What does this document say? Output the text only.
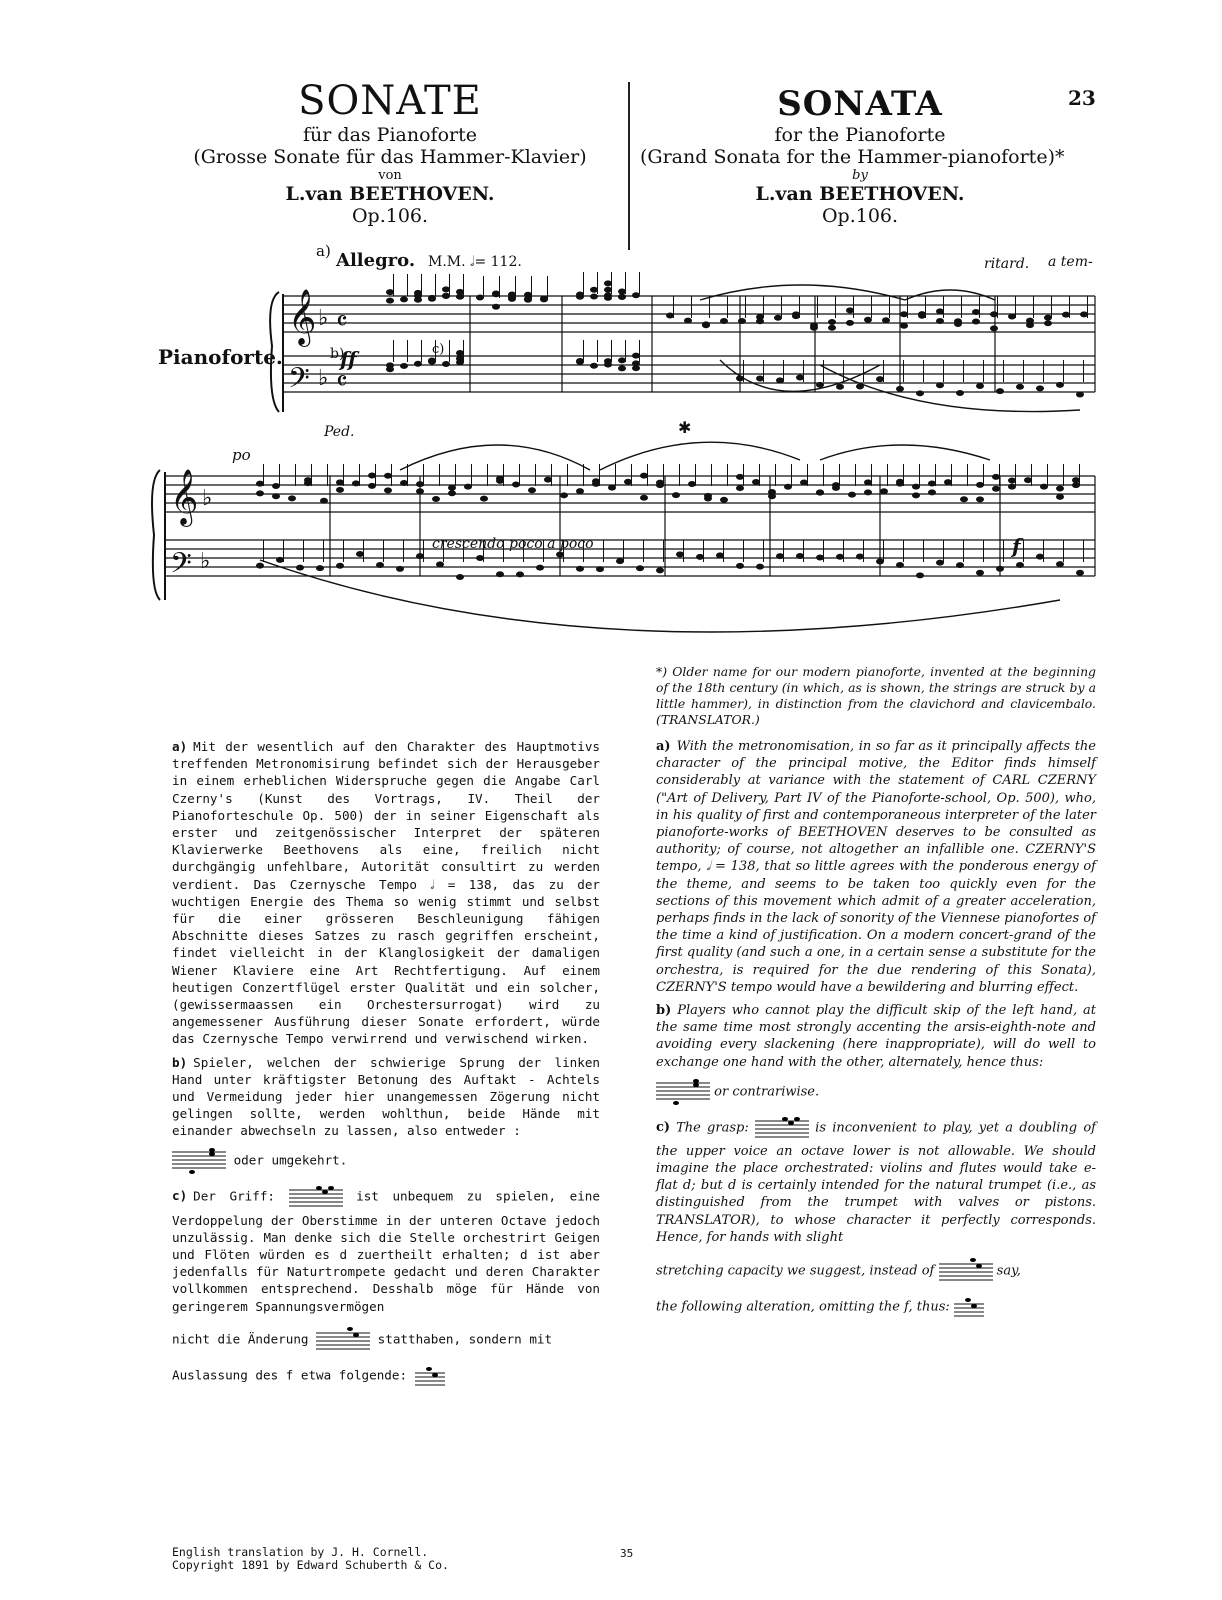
23
SONATE
für das Pianoforte
(Grosse Sonate für das Hammer-Klavier)
von
L.van BEETHOVEN.
Op.106.
SONATA
for the Pianoforte
(Grand Sonata for the Hammer-pianoforte)*
by
L.van BEETHOVEN.
Op.106.
𝄞
𝄢
𝄞
𝄢
♭
♭
♭
♭
𝄴
𝄴
Pianoforte.
a) Allegro. M.M. 𝅗𝅥= 112.	ritard. a tem-
po
crescendo poco a poco
ff
f
b)	c)
Ped.	✱
*) Older name for our modern pianoforte, invented at the beginning of the 18th century (in which, as is shown, the strings are struck by a little hammer), in distinction from the clavichord and clavicembalo. (TRANSLATOR.)

a) Mit der wesentlich auf den Charakter des Hauptmotivs treffenden Metronomisirung befindet sich der Herausgeber in einem erheblichen Widerspruche gegen die Angabe Carl Czerny's (Kunst des Vortrags, IV. Theil der Pianoforteschule Op. 500) der in seiner Eigenschaft als erster und zeitgenössischer Interpret der späteren Klavierwerke Beethovens als eine, freilich nicht durchgängig unfehlbare, Autorität consultirt zu werden verdient. Das Czernysche Tempo 𝅗𝅥 = 138, das zu der wuchtigen Energie des Thema so wenig stimmt und selbst für die einer grösseren Beschleunigung fähigen Abschnitte dieses Satzes zu rasch gegriffen erscheint, findet vielleicht in der Klanglosigkeit der damaligen Wiener Klaviere eine Art Rechtfertigung. Auf einem heutigen Conzertflügel erster Qualität und ein solcher, (gewissermaassen ein Orchestersurrogat) wird zu angemessener Ausführung dieser Sonate erfordert, würde das Czernysche Tempo verwirrend und verwischend wirken.

b) Spieler, welchen der schwierige Sprung der linken Hand unter kräftigster Betonung des Auftakt - Achtels und Vermeidung jeder hier unangemessen Zögerung nicht gelingen sollte, werden wohlthun, beide Hände mit einander abwechseln zu lassen, also entweder :

oder umgekehrt.

c) Der Griff:	ist unbequem zu spielen, eine Verdoppelung der Oberstimme in der unteren Octave jedoch unzulässig. Man denke sich die Stelle orchestrirt Geigen und Flöten würden es d zuertheilt erhalten; d ist aber jedenfalls für Naturtrompete gedacht und deren Charakter vollkommen entsprechend. Desshalb möge für Hände von geringerem Spannungsvermögen

nicht die Änderung	statthaben, sondern mit

Auslassung des f etwa folgende:

a) With the metronomisation, in so far as it principally affects the character of the principal motive, the Editor finds himself considerably at variance with the statement of CARL CZERNY ("Art of Delivery, Part IV of the Pianoforte-school, Op. 500), who, in his quality of first and contemporaneous interpreter of the later pianoforte-works of BEETHOVEN deserves to be consulted as authority; of course, not altogether an infallible one. CZERNY'S tempo, 𝅗𝅥 = 138, that so little agrees with the ponderous energy of the theme, and seems to be taken too quickly even for the sections of this movement which admit of a greater acceleration, perhaps finds in the lack of sonority of the Viennese pianofortes of the time a kind of justification. On a modern concert-grand of the first quality (and such a one, in a certain sense a substitute for the orchestra, is required for the due rendering of this Sonata), CZERNY'S tempo would have a bewildering and blurring effect.

b) Players who cannot play the difficult skip of the left hand, at the same time most strongly accenting the arsis-eighth-note and avoiding every slackening (here inappropriate), will do well to exchange one hand with the other, alternately, hence thus:

or contrariwise.

c) The grasp:	is inconvenient to play, yet a doubling of the upper voice an octave lower is not allowable. We should imagine the place orchestrated: violins and flutes would take e-flat d; but d is certainly intended for the natural trumpet (i.e., as distinguished from the trumpet with valves or pistons. TRANSLATOR), to whose character it perfectly corresponds. Hence, for hands with slight

stretching capacity we suggest, instead of	say,

the following alteration, omitting the f, thus:

English translation by J. H. Cornell.
Copyright 1891 by Edward Schuberth & Co.
35
